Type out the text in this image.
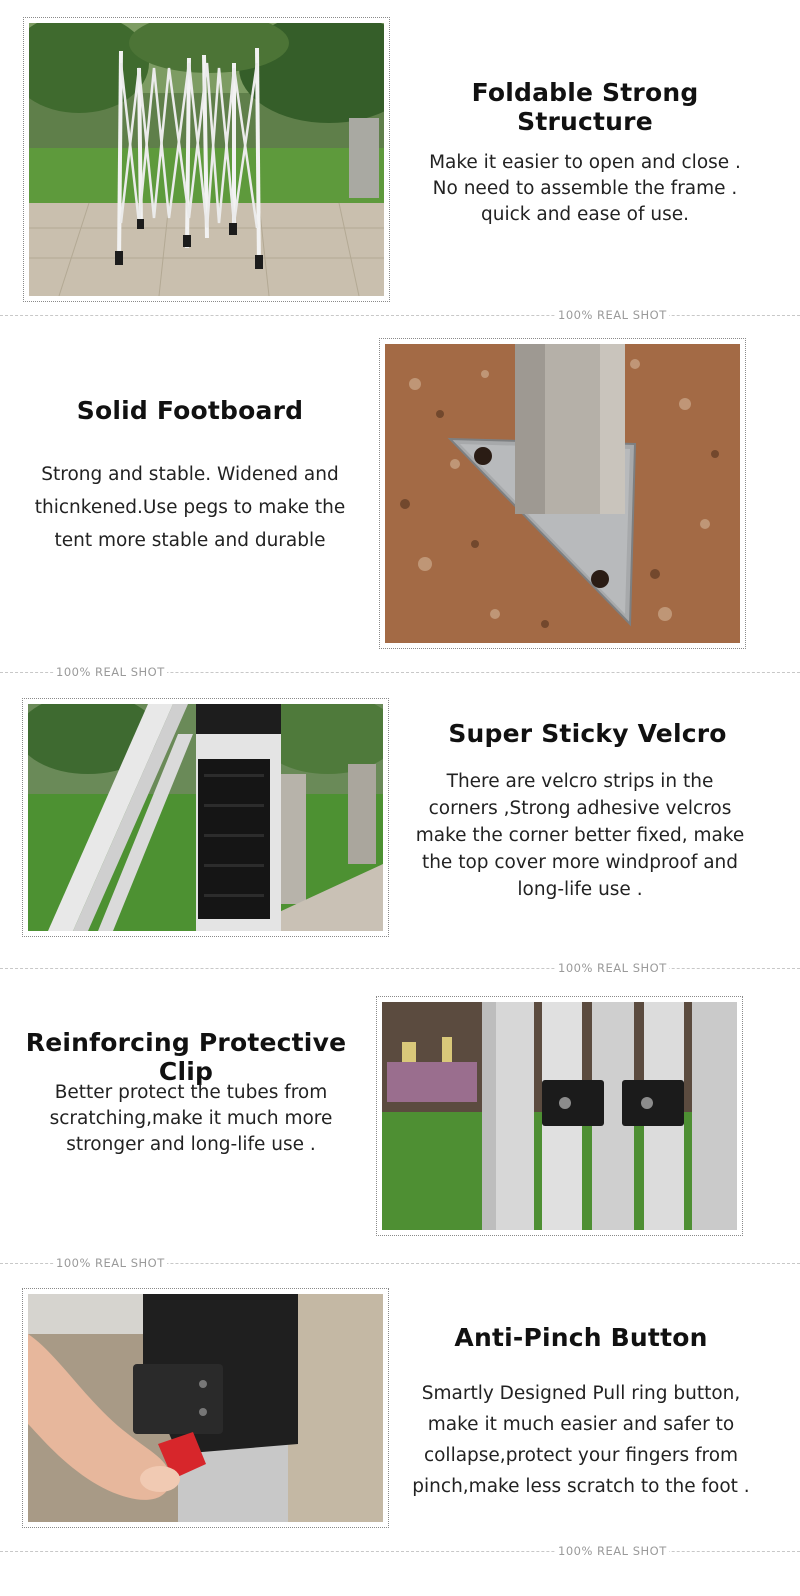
Foldable Strong Structure
Make it easier to open and close .
No need to assemble the frame .
quick and ease of use.
100% REAL SHOT
Solid Footboard
Strong and stable. Widened and
thicnkened.Use pegs to make the
tent more stable and durable
100% REAL SHOT
Super Sticky Velcro
There are velcro strips in the
corners ,Strong adhesive velcros
make the corner better fixed, make
the top cover more windproof and
long-life use .
100% REAL SHOT
Reinforcing Protective Clip
Better protect the tubes from
scratching,make it much more
stronger and long-life use .
100% REAL SHOT
Anti-Pinch Button
Smartly Designed Pull ring button,
make it much easier and safer to
collapse,protect your fingers from
pinch,make less scratch to the foot .
100% REAL SHOT
